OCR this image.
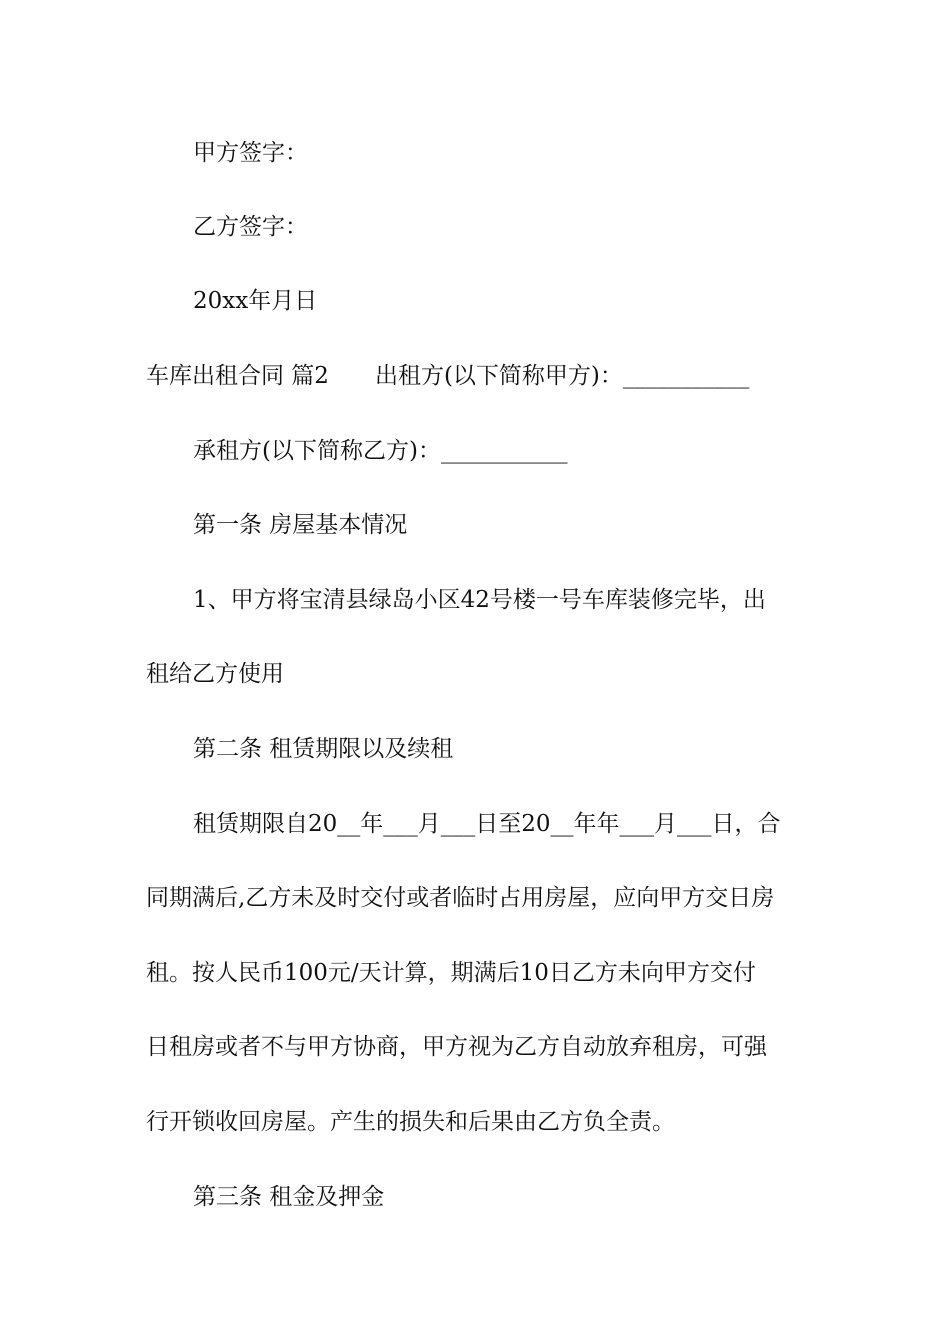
甲方签字：
乙方签字：
20xx年月日
车库出租合同 篇2 出租方(以下简称甲方)：___________
承租方(以下简称乙方)：___________
第一条 房屋基本情况
1、甲方将宝清县绿岛小区42号楼一号车库装修完毕，出
租给乙方使用
第二条 租赁期限以及续租
租赁期限自20__年___月___日至20__年年___月___日，合
同期满后,乙方未及时交付或者临时占用房屋，应向甲方交日房
租。按人民币100元/天计算，期满后10日乙方未向甲方交付
日租房或者不与甲方协商，甲方视为乙方自动放弃租房，可强
行开锁收回房屋。产生的损失和后果由乙方负全责。
第三条 租金及押金
